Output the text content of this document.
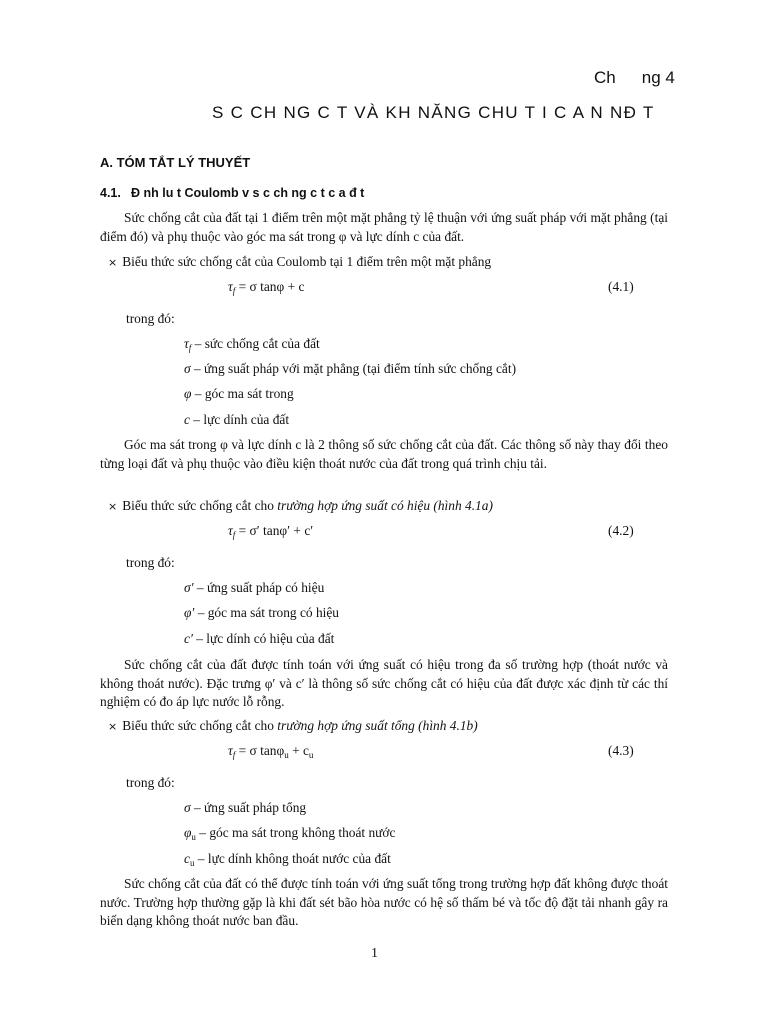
Ch ng 4
S C CH NG C T VÀ KH NĂNG CHU T I C A N NĐ T
A. TÓM TẮT LÝ THUYẾT
4.1. Đ nh lu t Coulomb v s c ch ng c t c a đ t
Sức chống cắt của đất tại 1 điểm trên một mặt phẳng tỷ lệ thuận với ứng suất pháp với mặt phẳng (tại điểm đó) và phụ thuộc vào góc ma sát trong φ và lực dính c của đất.
× Biểu thức sức chống cắt của Coulomb tại 1 điểm trên một mặt phẳng
$\tau_f = \sigma$ tanφ + c	(4.1)
trong đó:
$\tau_f$ – sức chống cắt của đất
σ – ứng suất pháp với mặt phẳng (tại điểm tính sức chống cắt)
φ – góc ma sát trong
c – lực dính của đất
Góc ma sát trong φ và lực dính c là 2 thông số sức chống cắt của đất. Các thông số này thay đổi theo từng loại đất và phụ thuộc vào điều kiện thoát nước của đất trong quá trình chịu tải.
× Biểu thức sức chống cắt cho trường hợp ứng suất có hiệu (hình 4.1a)
$\tau_f = \sigma'$ tanφ′ + c′	(4.2)
trong đó:
σ′ – ứng suất pháp có hiệu
φ′ – góc ma sát trong có hiệu
c′ – lực dính có hiệu của đất
Sức chống cắt của đất được tính toán với ứng suất có hiệu trong đa số trường hợp (thoát nước và không thoát nước). Đặc trưng φ′ và c′ là thông số sức chống cắt có hiệu của đất được xác định từ các thí nghiệm có đo áp lực nước lỗ rỗng.
× Biểu thức sức chống cắt cho trường hợp ứng suất tổng (hình 4.1b)
$\tau_f = \sigma$ $\tan\varphi_u + c_u$	(4.3)
trong đó:
σ – ứng suất pháp tổng
$\varphi_u$ – góc ma sát trong không thoát nước
$c_u$ – lực dính không thoát nước của đất
Sức chống cắt của đất có thể được tính toán với ứng suất tổng trong trường hợp đất không được thoát nước. Trường hợp thường gặp là khi đất sét bão hòa nước có hệ số thấm bé và tốc độ đặt tải nhanh gây ra biến dạng không thoát nước ban đầu.
1
